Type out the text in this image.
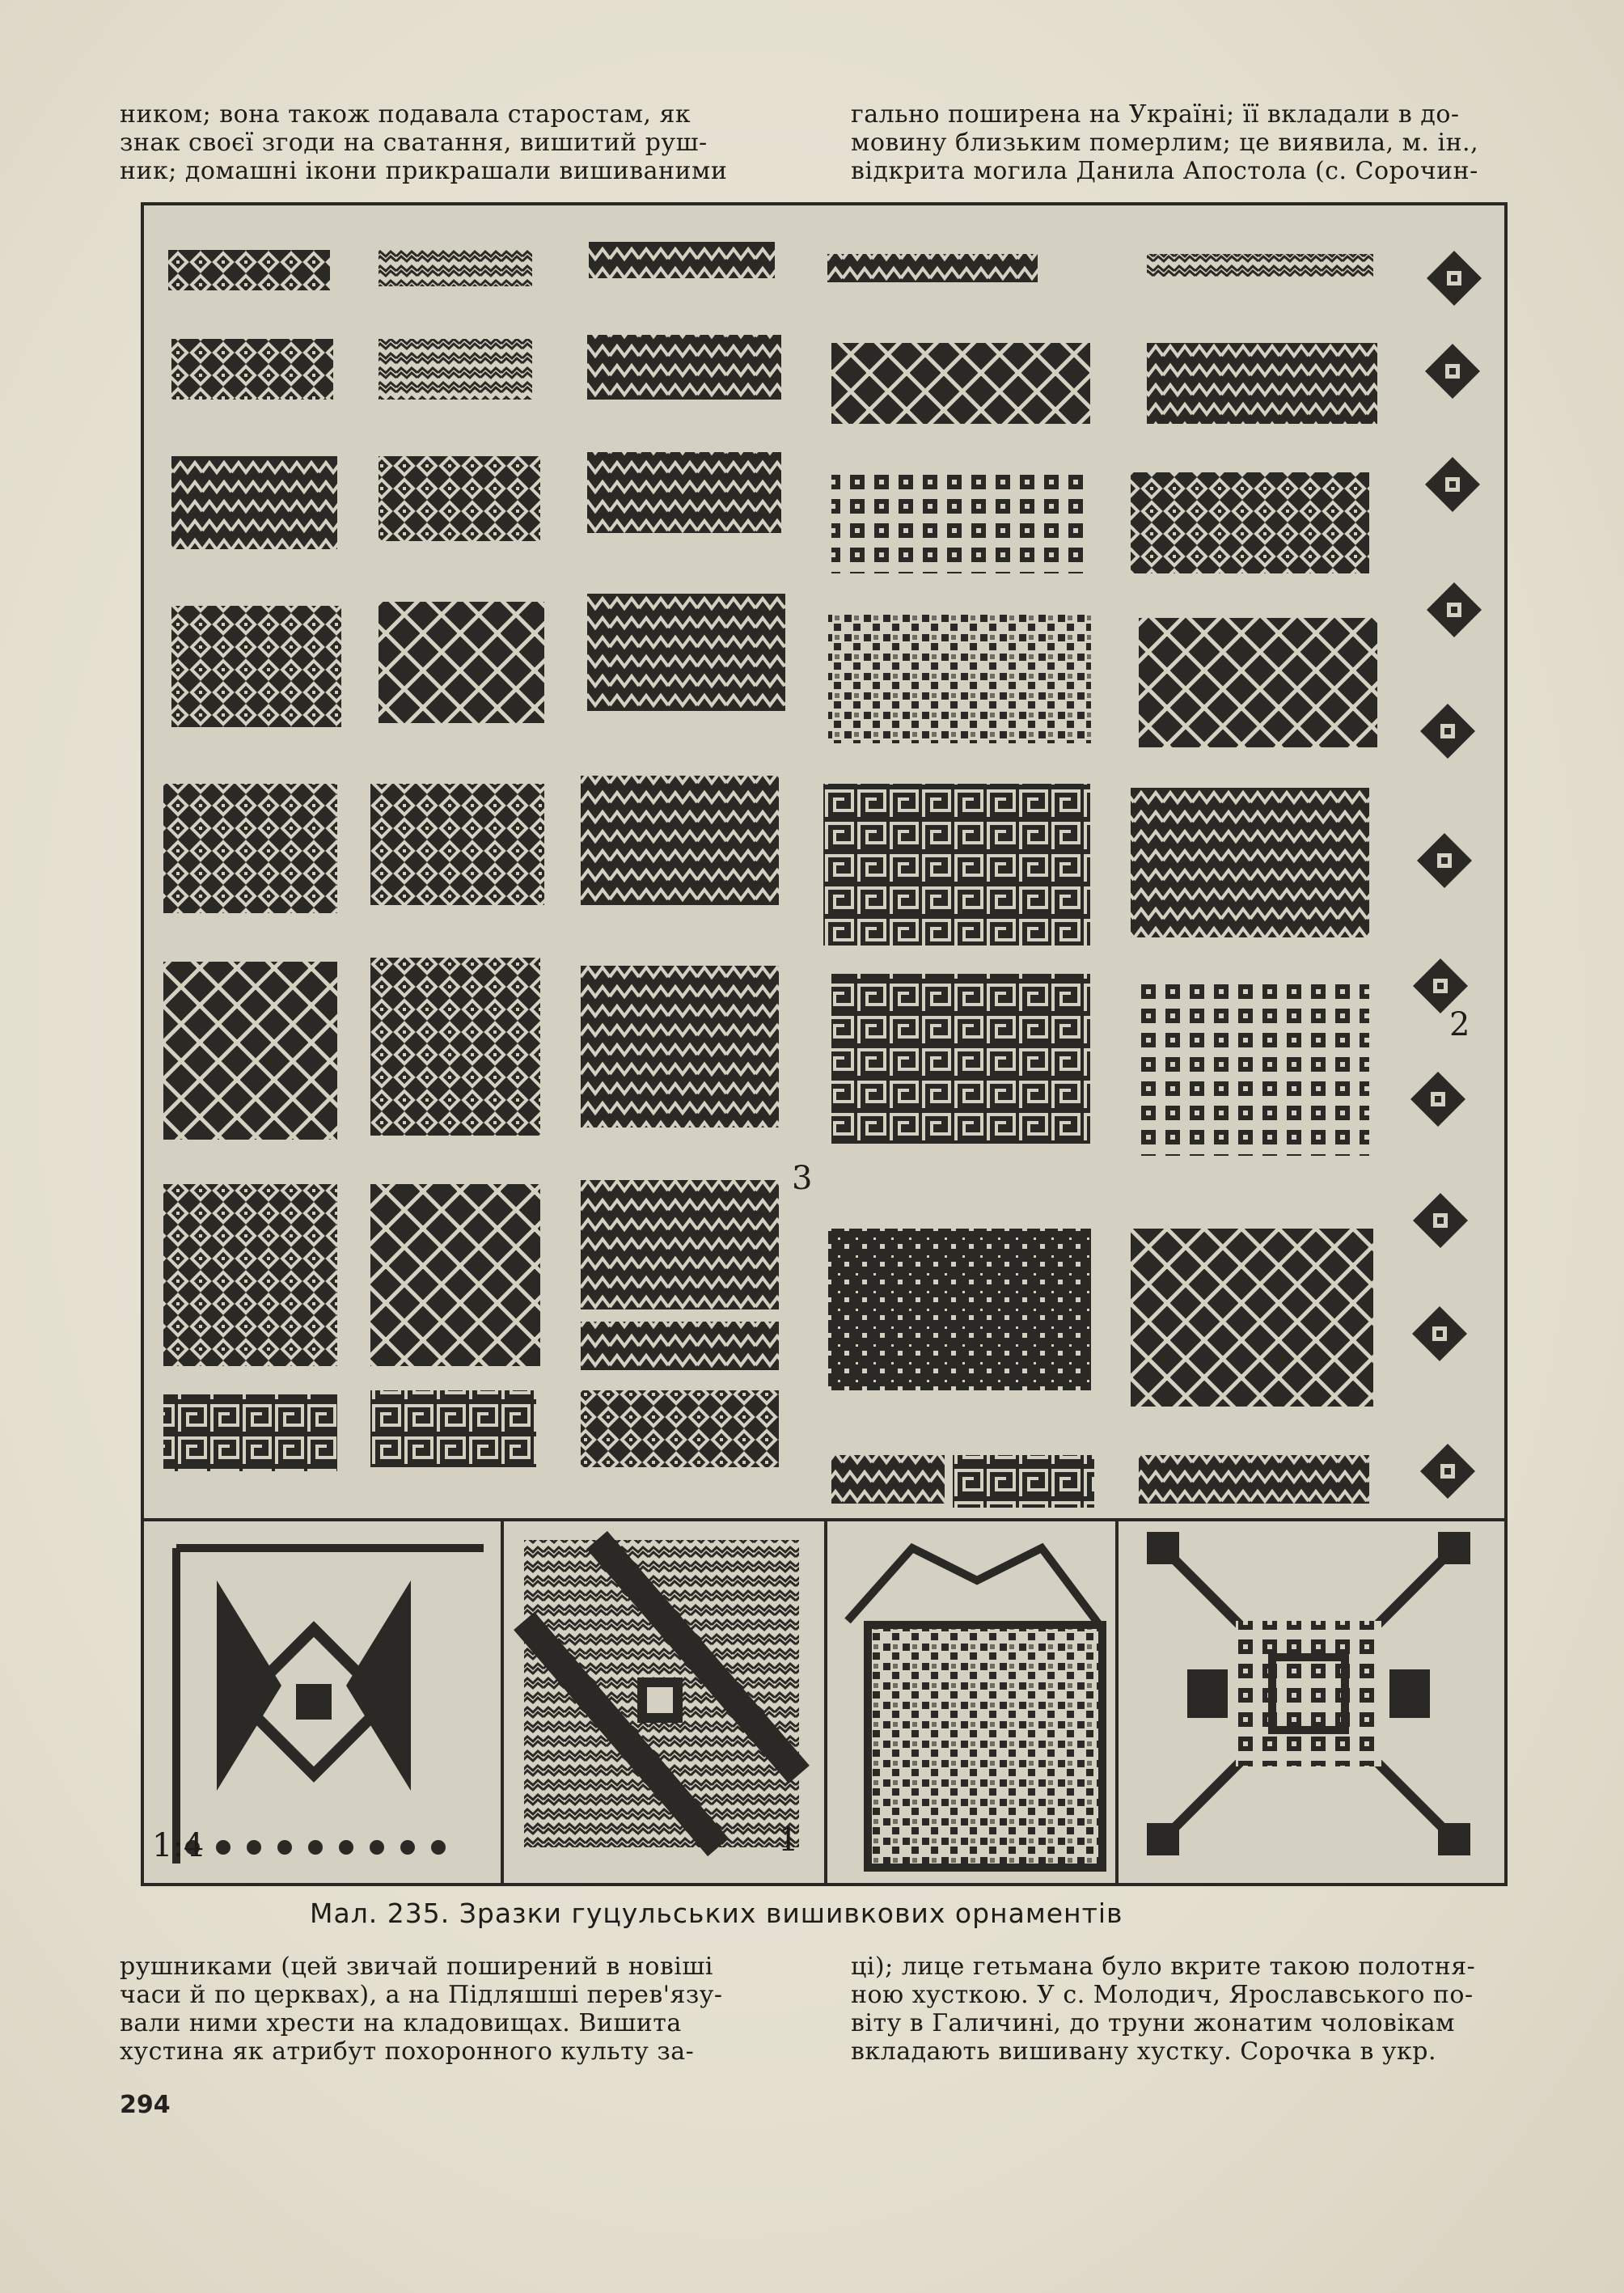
ником; вона також подавала старостам, як
знак своєї згоди на сватання, вишитий руш-
ник; домашні ікони прикрашали вишиваними
гально поширена на Україні; її вкладали в до-
мовину близьким померлим; це виявила, м. ін.,
відкрита могила Данила Апостола (с. Сорочин-
3
2
1
1:4
Мал. 235. Зразки гуцульських вишивкових орнаментів
рушниками (цей звичай поширений в новіші
часи й по церквах), а на Підляшші перев'язу-
вали ними хрести на кладовищах. Вишита
хустина як атрибут похоронного культу за-
ці); лице гетьмана було вкрите такою полотня-
ною хусткою. У с. Молодич, Ярославського по-
віту в Галичині, до труни жонатим чоловікам
вкладають вишивану хустку. Сорочка в укр.
294
